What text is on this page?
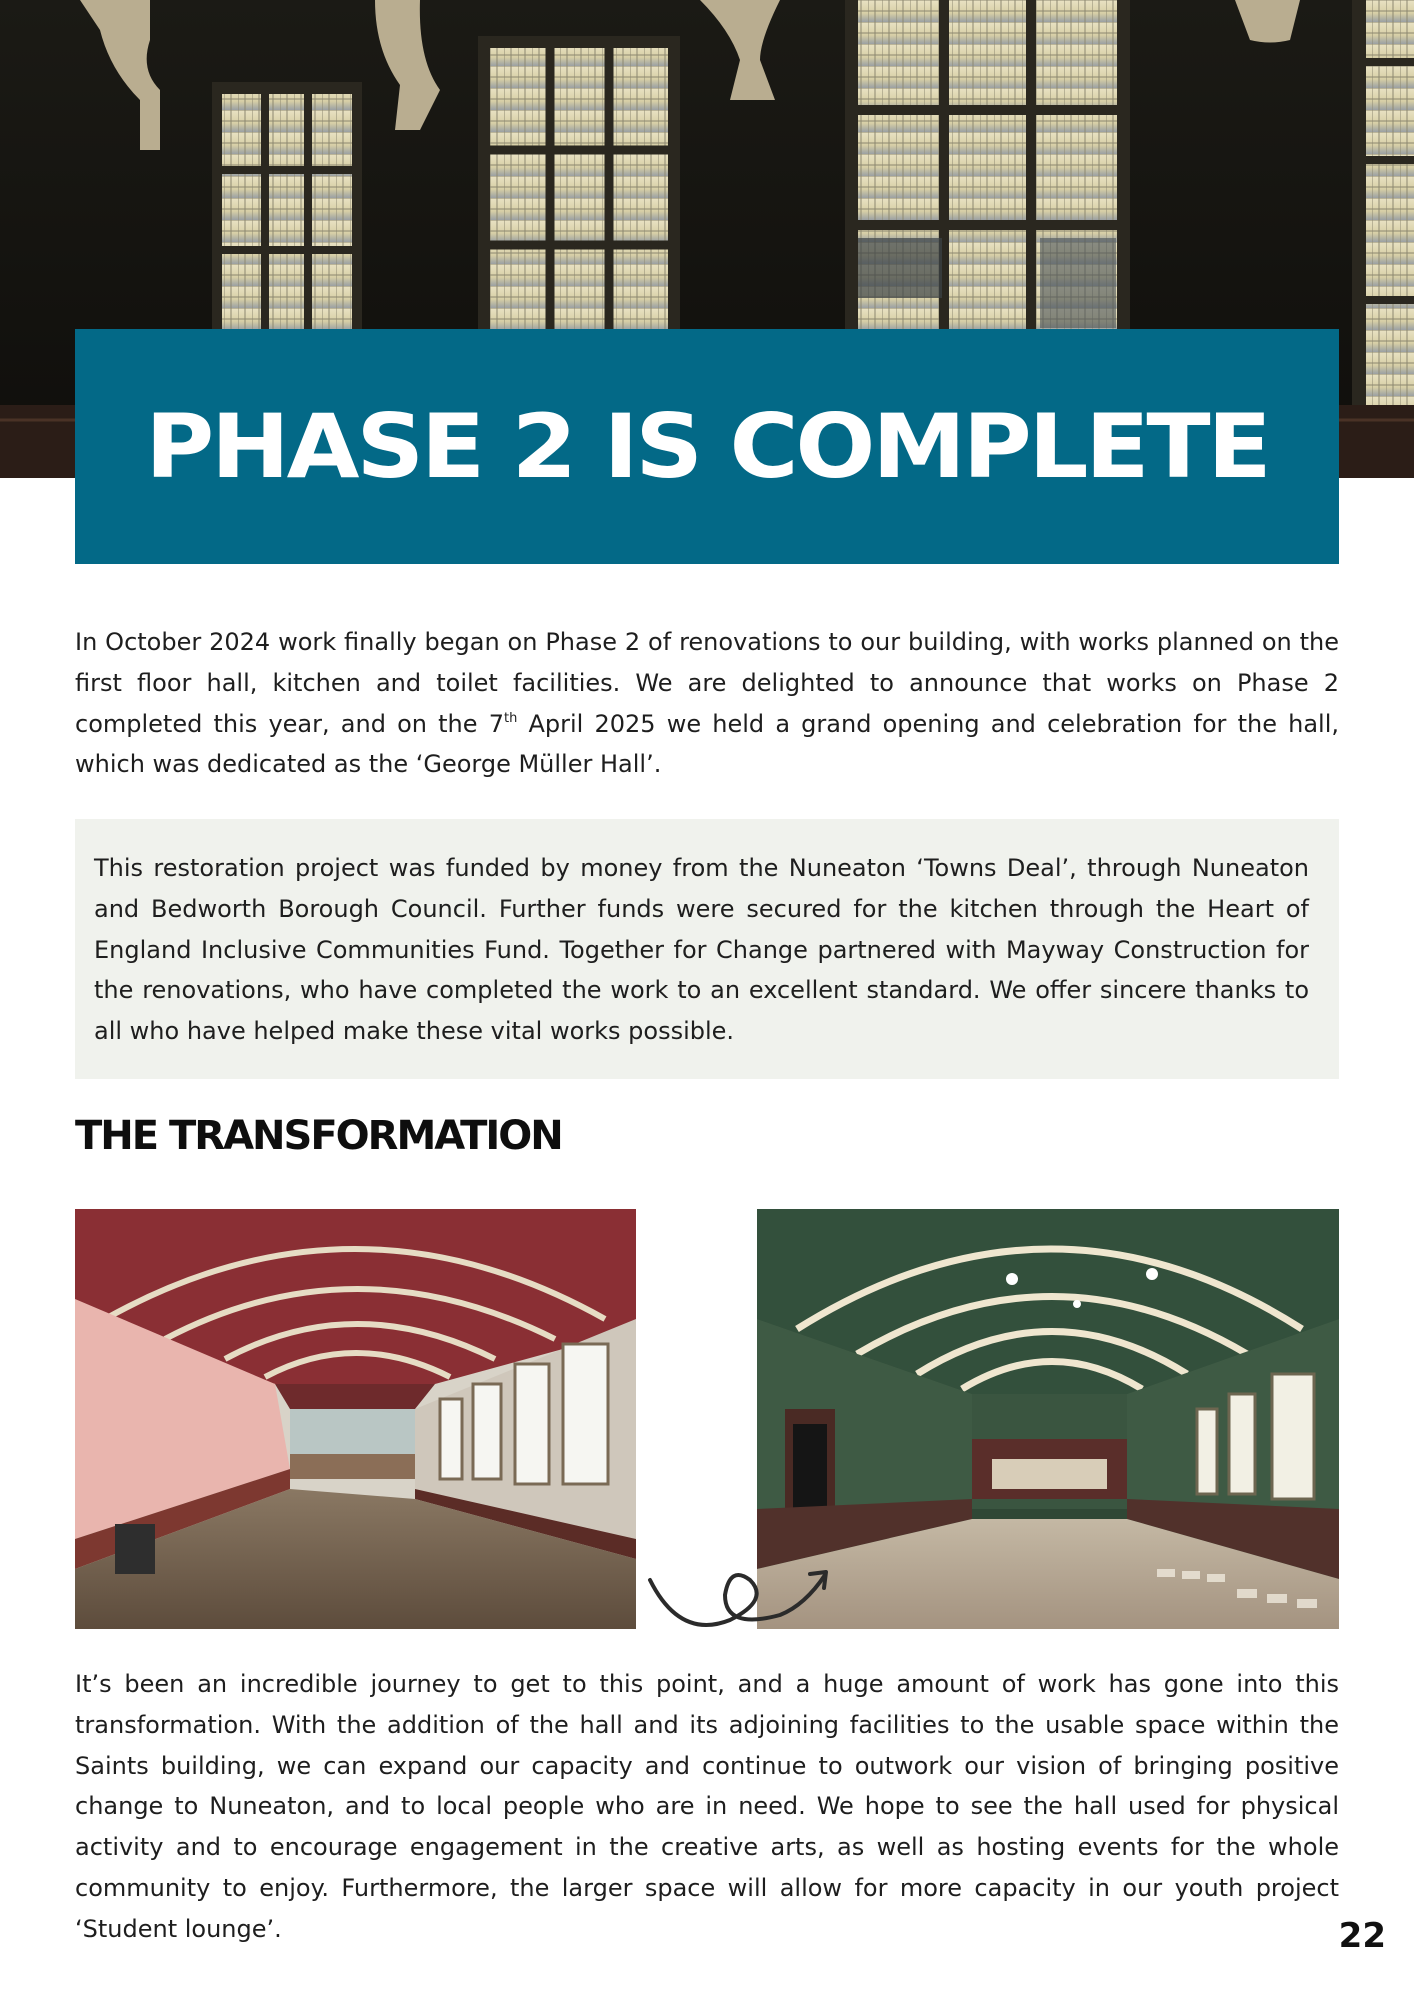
PHASE 2 IS COMPLETE

In October 2024 work finally began on Phase 2 of renovations to our building, with works planned on the first floor hall, kitchen and toilet facilities. We are delighted to announce that works on Phase 2 completed this year, and on the 7th April 2025 we held a grand opening and celebration for the hall, which was dedicated as the ‘George Müller Hall’.

This restoration project was funded by money from the Nuneaton ‘Towns Deal’, through Nuneaton and Bedworth Borough Council. Further funds were secured for the kitchen through the Heart of England Inclusive Communities Fund. Together for Change partnered with Mayway Construction for the renovations, who have completed the work to an excellent standard. We offer sincere thanks to all who have helped make these vital works possible.

THE TRANSFORMATION

It’s been an incredible journey to get to this point, and a huge amount of work has gone into this transformation. With the addition of the hall and its adjoining facilities to the usable space within the Saints building, we can expand our capacity and continue to outwork our vision of bringing positive change to Nuneaton, and to local people who are in need. We hope to see the hall used for physical activity and to encourage engagement in the creative arts, as well as hosting events for the whole community to enjoy. Furthermore, the larger space will allow for more capacity in our youth project ‘Student lounge’.	22
